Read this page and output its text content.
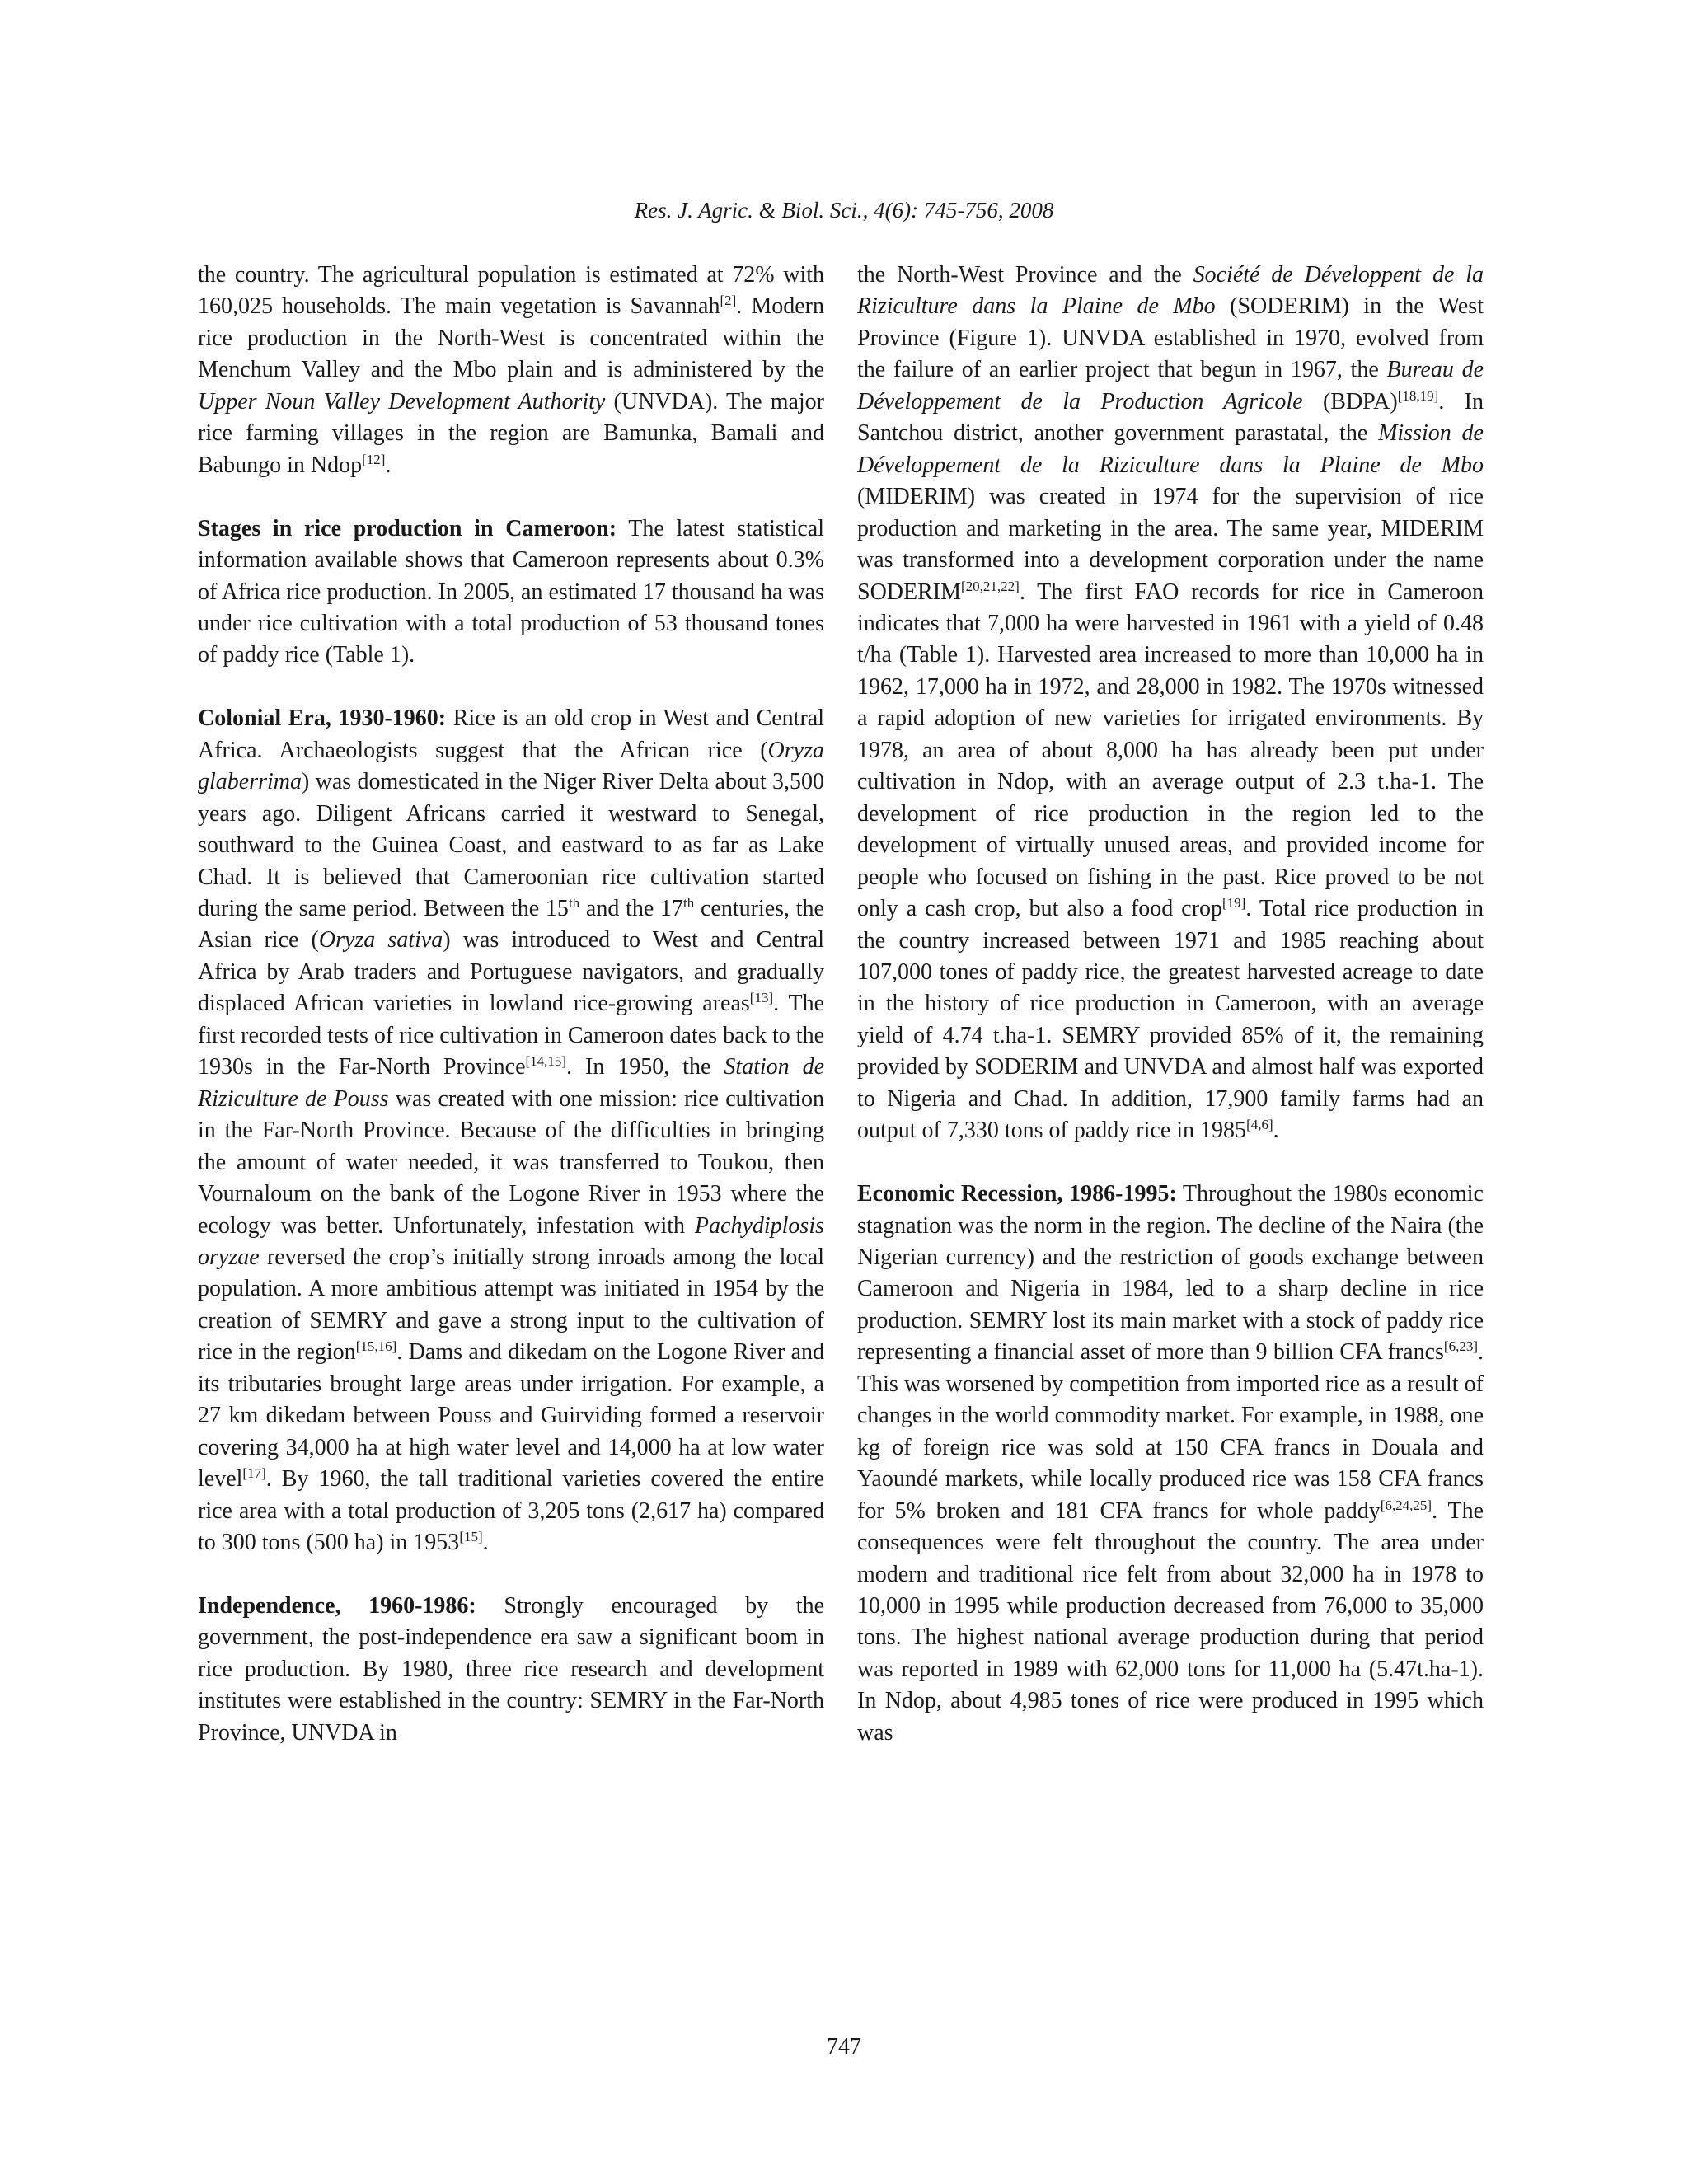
Res. J. Agric. & Biol. Sci., 4(6): 745-756, 2008

the country. The agricultural population is estimated at 72% with 160,025 households. The main vegetation is Savannah[2]. Modern rice production in the North-West is concentrated within the Menchum Valley and the Mbo plain and is administered by the Upper Noun Valley Development Authority (UNVDA). The major rice farming villages in the region are Bamunka, Bamali and Babungo in Ndop[12].

Stages in rice production in Cameroon: The latest statistical information available shows that Cameroon represents about 0.3% of Africa rice production. In 2005, an estimated 17 thousand ha was under rice cultivation with a total production of 53 thousand tones of paddy rice (Table 1).

Colonial Era, 1930-1960: Rice is an old crop in West and Central Africa. Archaeologists suggest that the African rice (Oryza glaberrima) was domesticated in the Niger River Delta about 3,500 years ago. Diligent Africans carried it westward to Senegal, southward to the Guinea Coast, and eastward to as far as Lake Chad. It is believed that Cameroonian rice cultivation started during the same period. Between the 15th and the 17th centuries, the Asian rice (Oryza sativa) was introduced to West and Central Africa by Arab traders and Portuguese navigators, and gradually displaced African varieties in lowland rice-growing areas[13]. The first recorded tests of rice cultivation in Cameroon dates back to the 1930s in the Far-North Province[14,15]. In 1950, the Station de Riziculture de Pouss was created with one mission: rice cultivation in the Far-North Province. Because of the difficulties in bringing the amount of water needed, it was transferred to Toukou, then Vournaloum on the bank of the Logone River in 1953 where the ecology was better. Unfortunately, infestation with Pachydiplosis oryzae reversed the crop’s initially strong inroads among the local population. A more ambitious attempt was initiated in 1954 by the creation of SEMRY and gave a strong input to the cultivation of rice in the region[15,16]. Dams and dikedam on the Logone River and its tributaries brought large areas under irrigation. For example, a 27 km dikedam between Pouss and Guirviding formed a reservoir covering 34,000 ha at high water level and 14,000 ha at low water level[17]. By 1960, the tall traditional varieties covered the entire rice area with a total production of 3,205 tons (2,617 ha) compared to 300 tons (500 ha) in 1953[15].

Independence, 1960-1986: Strongly encouraged by the government, the post-independence era saw a significant boom in rice production. By 1980, three rice research and development institutes were established in the country: SEMRY in the Far-North Province, UNVDA in

the North-West Province and the Société de Développent de la Riziculture dans la Plaine de Mbo (SODERIM) in the West Province (Figure 1). UNVDA established in 1970, evolved from the failure of an earlier project that begun in 1967, the Bureau de Développement de la Production Agricole (BDPA)[18,19]. In Santchou district, another government parastatal, the Mission de Développement de la Riziculture dans la Plaine de Mbo (MIDERIM) was created in 1974 for the supervision of rice production and marketing in the area. The same year, MIDERIM was transformed into a development corporation under the name SODERIM[20,21,22]. The first FAO records for rice in Cameroon indicates that 7,000 ha were harvested in 1961 with a yield of 0.48 t/ha (Table 1). Harvested area increased to more than 10,000 ha in 1962, 17,000 ha in 1972, and 28,000 in 1982. The 1970s witnessed a rapid adoption of new varieties for irrigated environments. By 1978, an area of about 8,000 ha has already been put under cultivation in Ndop, with an average output of 2.3 t.ha-1. The development of rice production in the region led to the development of virtually unused areas, and provided income for people who focused on fishing in the past. Rice proved to be not only a cash crop, but also a food crop[19]. Total rice production in the country increased between 1971 and 1985 reaching about 107,000 tones of paddy rice, the greatest harvested acreage to date in the history of rice production in Cameroon, with an average yield of 4.74 t.ha-1. SEMRY provided 85% of it, the remaining provided by SODERIM and UNVDA and almost half was exported to Nigeria and Chad. In addition, 17,900 family farms had an output of 7,330 tons of paddy rice in 1985[4,6].

Economic Recession, 1986-1995: Throughout the 1980s economic stagnation was the norm in the region. The decline of the Naira (the Nigerian currency) and the restriction of goods exchange between Cameroon and Nigeria in 1984, led to a sharp decline in rice production. SEMRY lost its main market with a stock of paddy rice representing a financial asset of more than 9 billion CFA francs[6,23]. This was worsened by competition from imported rice as a result of changes in the world commodity market. For example, in 1988, one kg of foreign rice was sold at 150 CFA francs in Douala and Yaoundé markets, while locally produced rice was 158 CFA francs for 5% broken and 181 CFA francs for whole paddy[6,24,25]. The consequences were felt throughout the country. The area under modern and traditional rice felt from about 32,000 ha in 1978 to 10,000 in 1995 while production decreased from 76,000 to 35,000 tons. The highest national average production during that period was reported in 1989 with 62,000 tons for 11,000 ha (5.47t.ha-1). In Ndop, about 4,985 tones of rice were produced in 1995 which was

747
